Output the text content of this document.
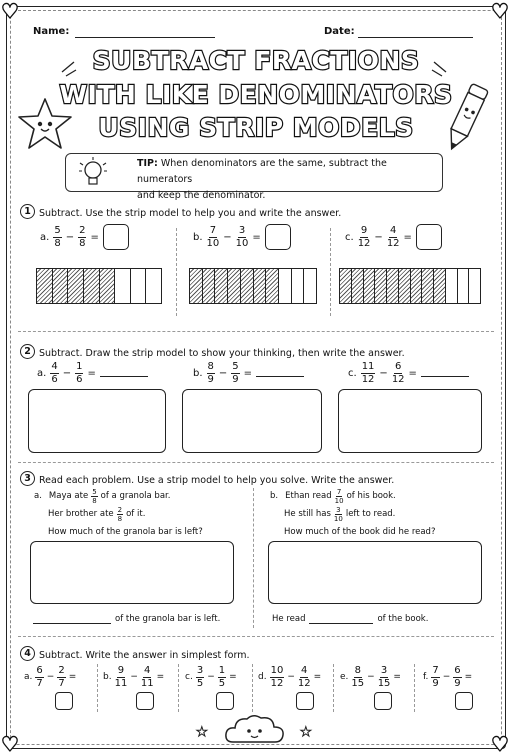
♥	♥
♥	♥
Name:	Date:
SUBTRACT FRACTIONS
WITH LIKE DENOMINATORS
USING STRIP MODELS
TIP: When denominators are the same, subtract the numerators
and keep the denominator.
1 Subtract. Use the strip model to help you and write the answer.
a. $\frac{5}{8} - \frac{2}{8}$ =	b. $\frac{7}{10} - \frac{3}{10}$ =	c. $\frac{9}{12} - \frac{4}{12}$ =
2 Subtract. Draw the strip model to show your thinking, then write the answer.
a. $\frac{4}{6} - \frac{1}{6}$ =	b. $\frac{8}{9} - \frac{5}{9}$ =	c. $\frac{11}{12} - \frac{6}{12}$ =
3 Read each problem. Use a strip model to help you solve. Write the answer.
a. Maya ate $\frac{5}{8}$ of a granola bar.
Her brother ate $\frac{2}{8}$ of it.
How much of the granola bar is left?
of the granola bar is left.
b. Ethan read $\frac{7}{10}$ of his book.
He still has $\frac{3}{10}$ left to read.
How much of the book did he read?
He read	of the book.
4 Subtract. Write the answer in simplest form.
a. $\frac{6}{7} - \frac{2}{7}$ =	b. $\frac{9}{11} - \frac{4}{11} = c$. $\frac{3}{5} - \frac{1}{5} = d$. $\frac{10}{12} - \frac{4}{12} = e$. $\frac{8}{15} - \frac{3}{15} = f$. $\frac{7}{9} - \frac{6}{9}$ =
★	★
